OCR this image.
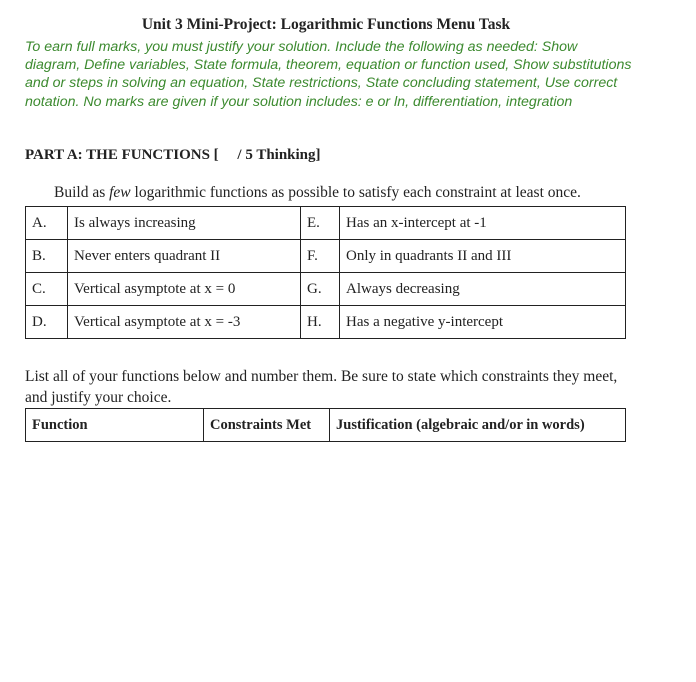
Unit 3 Mini-Project: Logarithmic Functions Menu Task
To earn full marks, you must justify your solution. Include the following as needed: Show diagram, Define variables, State formula, theorem, equation or function used, Show substitutions and or steps in solving an equation, State restrictions, State concluding statement, Use correct notation. No marks are given if your solution includes: e or ln, differentiation, integration
PART A: THE FUNCTIONS [     / 5 Thinking]
Build as few logarithmic functions as possible to satisfy each constraint at least once.
A.	Is always increasing	E.	Has an x-intercept at -1
B.	Never enters quadrant II	F.	Only in quadrants II and III
C.	Vertical asymptote at x = 0	G.	Always decreasing
D.	Vertical asymptote at x = -3	H.	Has a negative y-intercept
List all of your functions below and number them. Be sure to state which constraints they meet, and justify your choice.
Function	Constraints Met	Justification (algebraic and/or in words)
